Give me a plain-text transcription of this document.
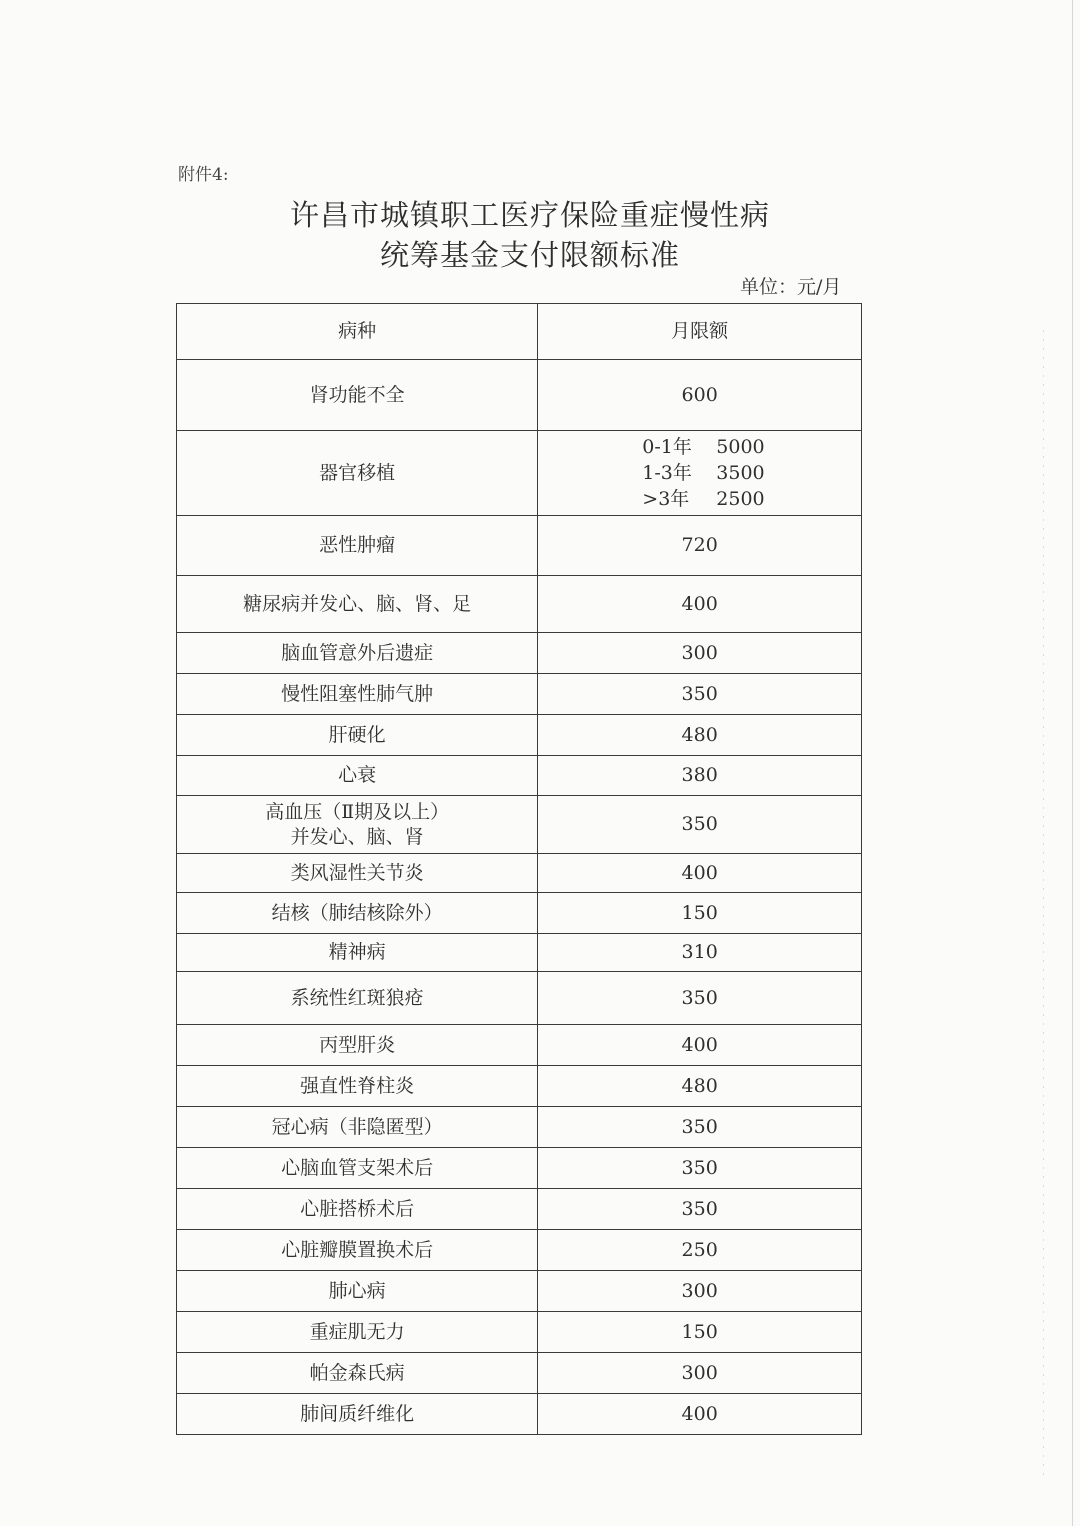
附件4:
许昌市城镇职工医疗保险重症慢性病
统筹基金支付限额标准
单位：元/月
病种	月限额
肾功能不全	600
器官移植	0-1年 5000
1-3年 3500
>3年 2500

恶性肿瘤	720
糖尿病并发心、脑、肾、足	400
脑血管意外后遗症	300
慢性阻塞性肺气肿	350
肝硬化	480
心衰	380

高血压（Ⅱ期及以上）
并发心、脑、肾	350
类风湿性关节炎	400
结核（肺结核除外）	150
精神病	310
系统性红斑狼疮	350
丙型肝炎	400
强直性脊柱炎	480
冠心病（非隐匿型）	350
心脑血管支架术后	350
心脏搭桥术后	350
心脏瓣膜置换术后	250
肺心病	300
重症肌无力	150
帕金森氏病	300
肺间质纤维化	400
